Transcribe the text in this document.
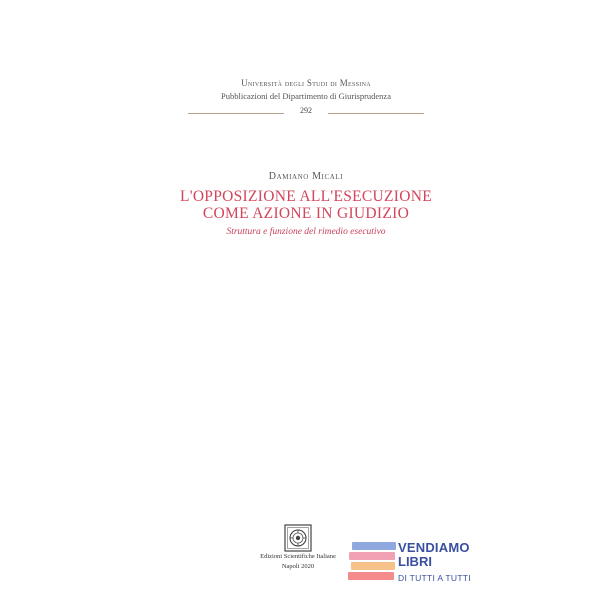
Università degli Studi di Messina
Pubblicazioni del Dipartimento di Giurisprudenza
292
Damiano Micali
L'OPPOSIZIONE ALL'ESECUZIONE
COME AZIONE IN GIUDIZIO
Struttura e funzione del rimedio esecutivo
Edizioni Scientifiche Italiane
Napoli 2020
VENDIAMO
LIBRI
DI TUTTI A TUTTI
